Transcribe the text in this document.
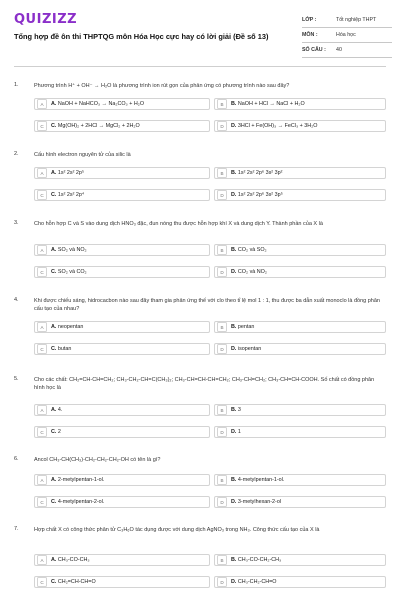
QUIZIZZ
Tổng hợp đề ôn thi THPTQG môn Hóa Học cực hay có lời giải (Đề số 13)
LỚP :	Tốt nghiệp THPT
MÔN :	Hóa học
SỐ CÂU :	40
1.	Phương trình H⁺ + OH⁻ → H₂O là phương trình ion rút gọn của phản ứng có phương trình nào sau đây?
A	A. NaOH + NaHCO₃ → Na₂CO₃ + H₂O	B	B. NaOH + HCl → NaCl + H₂O
C	C. Mg(OH)₂ + 2HCl → MgCl₂ + 2H₂O	D	D. 3HCl + Fe(OH)₃ → FeCl₃ + 3H₂O
2.	Cấu hình electron nguyên tử của silic là
A	A. 1s² 2s² 2p⁵	B	B. 1s² 2s² 2p⁶ 3s² 3p²
C	C. 1s² 2s² 2p⁴	D	D. 1s² 2s² 2p⁶ 3s² 3p⁵
3.	Cho hỗn hợp C và S vào dung dịch HNO₃ đặc, đun nóng thu được hỗn hợp khí X và dung dịch Y. Thành phần của X là
A	A. SO₂ và NO₂	B	B. CO₂ và SO₂
C	C. SO₂ và CO₂	D	D. CO₂ và NO₂
4.	Khi được chiếu sáng, hidrocacbon nào sau đây tham gia phản ứng thế với clo theo tỉ lệ mol 1 : 1, thu được ba dẫn xuất monoclo là đồng phân cấu tạo của nhau?
A	A. neopentan	B	B. pentan
C	C. butan	D	D. isopentan
5.	Cho các chất: CH₂=CH-CH=CH₂; CH₃-CH₂-CH=C(CH₃)₂; CH₃-CH=CH-CH=CH₂; CH₃-CH=CH₂; CH₃-CH=CH-COOH. Số chất có đồng phân hình học là
A	A. 4.	B	B. 3
C	C. 2	D	D. 1
6.	Ancol CH₃-CH(CH₃)-CH₂-CH₂-CH₂-OH có tên là gì?
A	A. 2-metylpentan-1-ol.	B	B. 4-metylpentan-1-ol.
C	C. 4-metylpentan-2-ol.	D	D. 3-metylhexan-2-ol
7.	Hợp chất X có công thức phân tử C₃H₆O tác dụng được với dung dịch AgNO₃ trong NH₃. Công thức cấu tạo của X là
A	A. CH₃-CO-CH₃	B	B. CH₃-CO-CH₂-CH₃
C	C. CH₂=CH-CH=O	D	D. CH₃-CH₂-CH=O
